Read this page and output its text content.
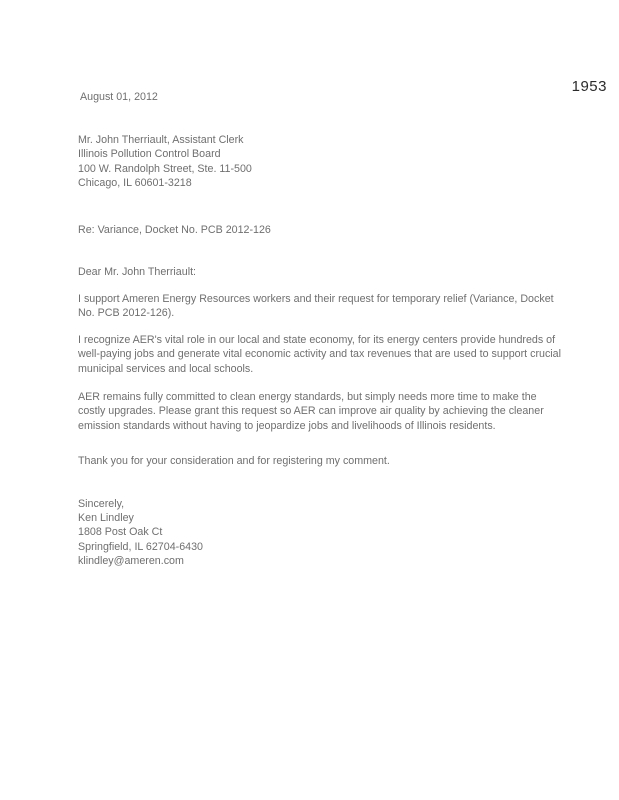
1953
August 01, 2012
Mr. John Therriault, Assistant Clerk
Illinois Pollution Control Board
100 W. Randolph Street, Ste. 11-500
Chicago, IL 60601-3218
Re: Variance, Docket No. PCB 2012-126
Dear Mr. John Therriault:
I support Ameren Energy Resources workers and their request for temporary relief (Variance, Docket No. PCB 2012-126).
I recognize AER's vital role in our local and state economy, for its energy centers provide hundreds of well-paying jobs and generate vital economic activity and tax revenues that are used to support crucial municipal services and local schools.
AER remains fully committed to clean energy standards, but simply needs more time to make the costly upgrades. Please grant this request so AER can improve air quality by achieving the cleaner emission standards without having to jeopardize jobs and livelihoods of Illinois residents.
Thank you for your consideration and for registering my comment.
Sincerely,
Ken Lindley
1808 Post Oak Ct
Springfield, IL 62704-6430
klindley@ameren.com
